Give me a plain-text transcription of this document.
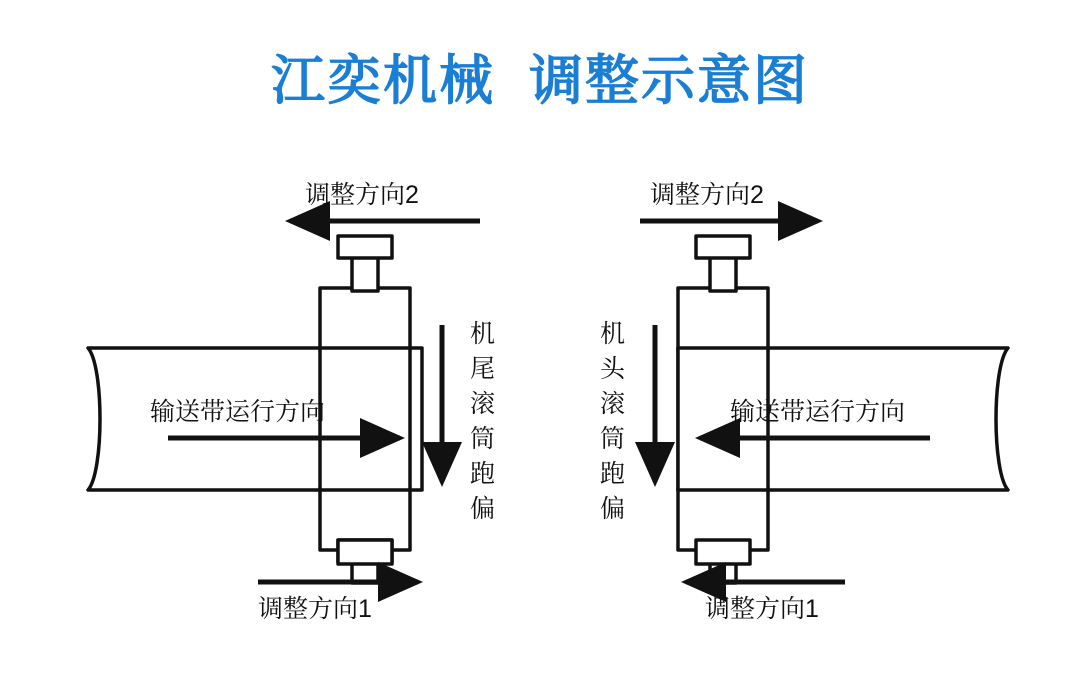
江奕机械  调整示意图
输送带运行方向
调整方向2
调整方向1
机
尾
滚
筒
跑
偏
输送带运行方向
调整方向2
调整方向1
机
头
滚
筒
跑
偏
